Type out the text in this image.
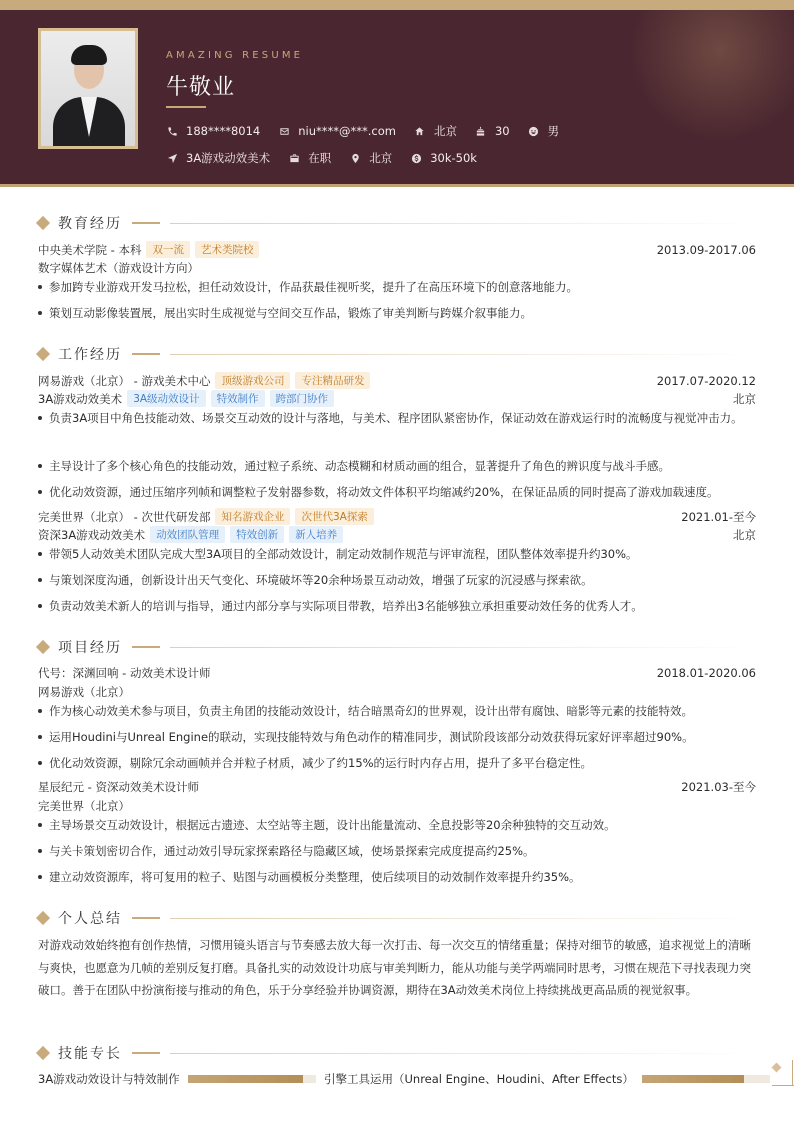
AMAZING RESUME
牛敬业
188****8014	niu****@***.com	北京	30	男
3A游戏动效美术	在职	北京	30k-50k
教育经历
中央美术学院 - 本科	双一流	艺术类院校	2013.09-2017.06
数字媒体艺术（游戏设计方向）
参加跨专业游戏开发马拉松，担任动效设计，作品获最佳视听奖，提升了在高压环境下的创意落地能力。
策划互动影像装置展，展出实时生成视觉与空间交互作品，锻炼了审美判断与跨媒介叙事能力。
工作经历
网易游戏（北京） - 游戏美术中心	顶级游戏公司	专注精品研发	2017.07-2020.12
3A游戏动效美术	3A级动效设计	特效制作	跨部门协作	北京
负责3A项目中角色技能动效、场景交互动效的设计与落地，与美术、程序团队紧密协作，保证动效在游戏运行时的流畅度与视觉冲击力。
主导设计了多个核心角色的技能动效，通过粒子系统、动态模糊和材质动画的组合，显著提升了角色的辨识度与战斗手感。
优化动效资源，通过压缩序列帧和调整粒子发射器参数，将动效文件体积平均缩减约20%，在保证品质的同时提高了游戏加载速度。
完美世界（北京） - 次世代研发部	知名游戏企业	次世代3A探索	2021.01-至今
资深3A游戏动效美术	动效团队管理	特效创新	新人培养	北京
带领5人动效美术团队完成大型3A项目的全部动效设计，制定动效制作规范与评审流程，团队整体效率提升约30%。
与策划深度沟通，创新设计出天气变化、环境破坏等20余种场景互动动效，增强了玩家的沉浸感与探索欲。
负责动效美术新人的培训与指导，通过内部分享与实际项目带教，培养出3名能够独立承担重要动效任务的优秀人才。
项目经历
代号：深渊回响 - 动效美术设计师	2018.01-2020.06
网易游戏（北京）
作为核心动效美术参与项目，负责主角团的技能动效设计，结合暗黑奇幻的世界观，设计出带有腐蚀、暗影等元素的技能特效。
运用Houdini与Unreal Engine的联动，实现技能特效与角色动作的精准同步，测试阶段该部分动效获得玩家好评率超过90%。
优化动效资源，剔除冗余动画帧并合并粒子材质，减少了约15%的运行时内存占用，提升了多平台稳定性。
星辰纪元 - 资深动效美术设计师	2021.03-至今
完美世界（北京）
主导场景交互动效设计，根据远古遗迹、太空站等主题，设计出能量流动、全息投影等20余种独特的交互动效。
与关卡策划密切合作，通过动效引导玩家探索路径与隐藏区域，使场景探索完成度提高约25%。
建立动效资源库，将可复用的粒子、贴图与动画模板分类整理，使后续项目的动效制作效率提升约35%。
个人总结
对游戏动效始终抱有创作热情，习惯用镜头语言与节奏感去放大每一次打击、每一次交互的情绪重量；保持对细节的敏感，追求视觉上的清晰与爽快，也愿意为几帧的差别反复打磨。具备扎实的动效设计功底与审美判断力，能从功能与美学两端同时思考，习惯在规范下寻找表现力突破口。善于在团队中扮演衔接与推动的角色，乐于分享经验并协调资源，期待在3A动效美术岗位上持续挑战更高品质的视觉叙事。
技能专长
3A游戏动效设计与特效制作	引擎工具运用（Unreal Engine、Houdini、After Effects）
